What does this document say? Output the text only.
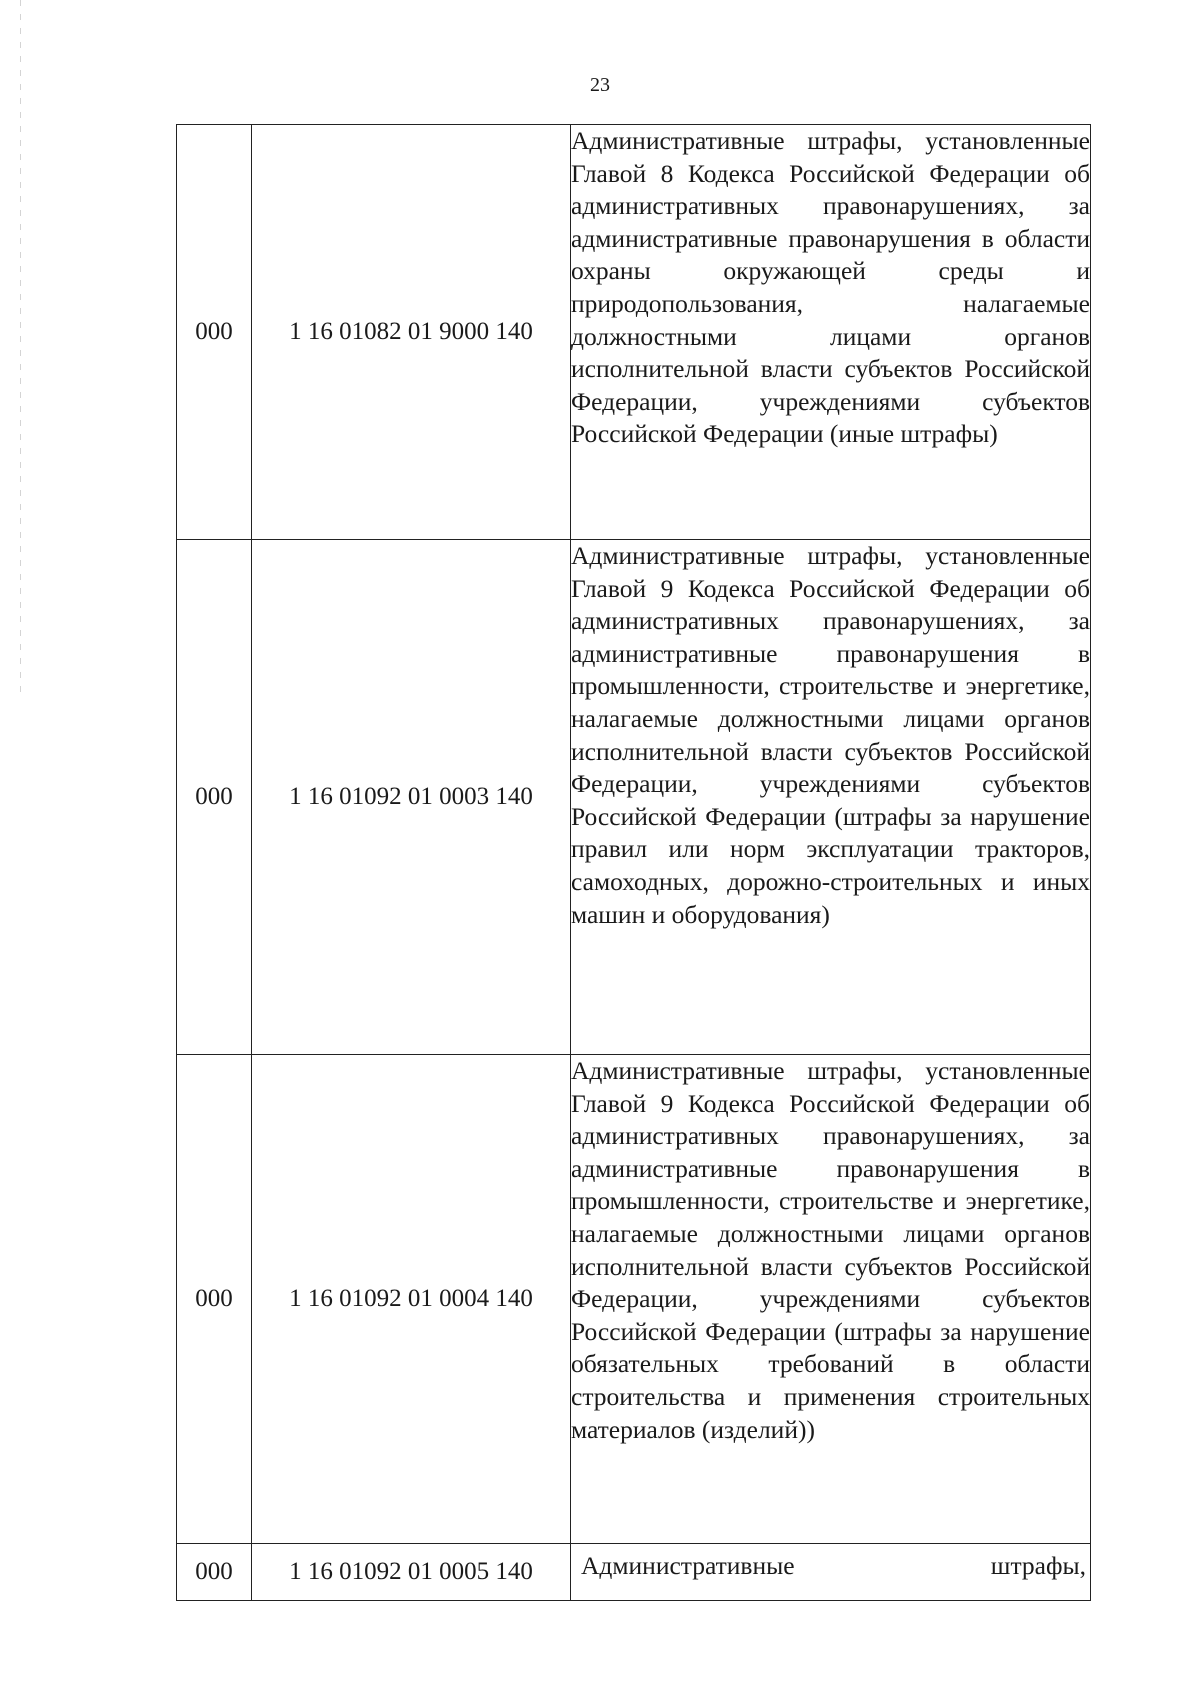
23
000	1 16 01082 01 9000 140	Административные штрафы, установленные Главой 8 Кодекса Российской Федерации об административных правонарушениях, за административные правонарушения в области охраны окружающей среды и природопользования, налагаемые должностными лицами органов исполнительной власти субъектов Российской Федерации, учреждениями субъектов Российской Федерации (иные штрафы)
000	1 16 01092 01 0003 140	Административные штрафы, установленные Главой 9 Кодекса Российской Федерации об административных правонарушениях, за административные правонарушения в промышленности, строительстве и энергетике, налагаемые должностными лицами органов исполнительной власти субъектов Российской Федерации, учреждениями субъектов Российской Федерации (штрафы за нарушение правил или норм эксплуатации тракторов, самоходных, дорожно-строительных и иных машин и оборудования)
000	1 16 01092 01 0004 140	Административные штрафы, установленные Главой 9 Кодекса Российской Федерации об административных правонарушениях, за административные правонарушения в промышленности, строительстве и энергетике, налагаемые должностными лицами органов исполнительной власти субъектов Российской Федерации, учреждениями субъектов Российской Федерации (штрафы за нарушение обязательных требований в области строительства и применения строительных материалов (изделий))
000	1 16 01092 01 0005 140	Административные штрафы,
